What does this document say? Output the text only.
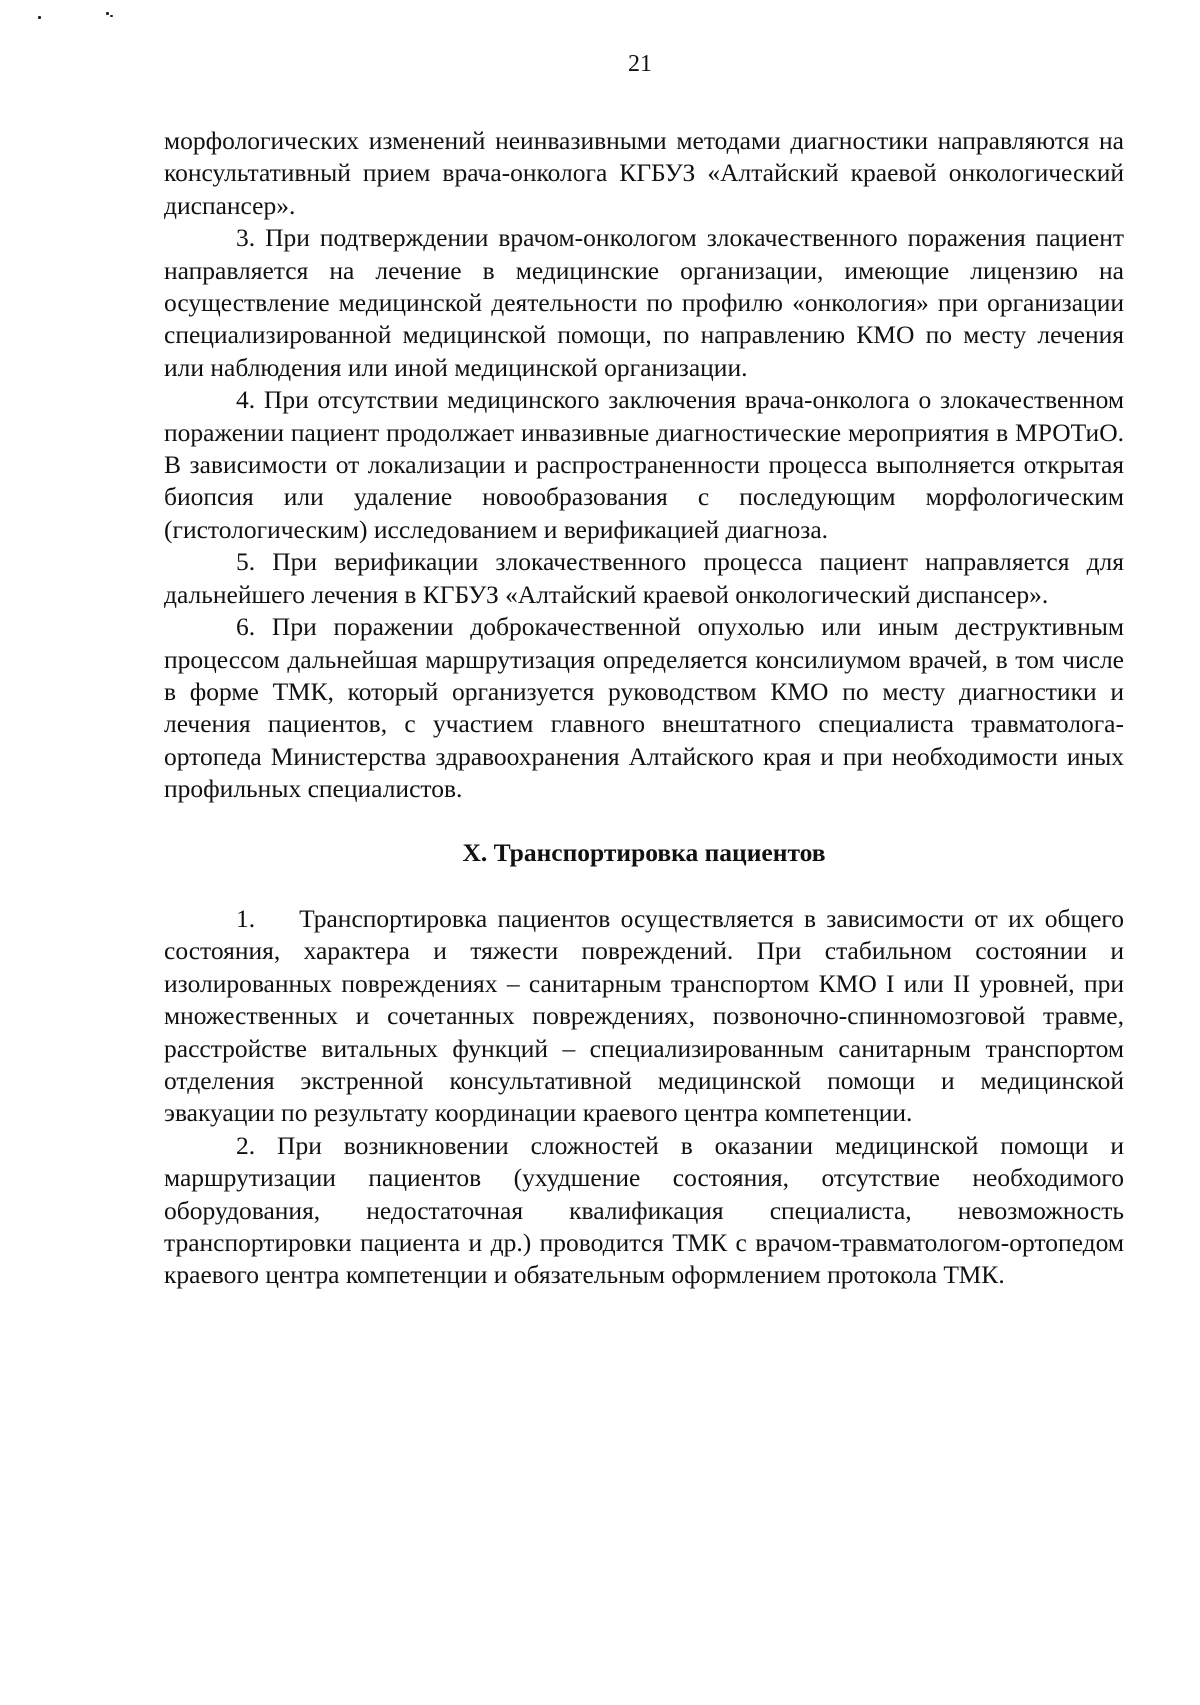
21

морфологических изменений неинвазивными методами диагностики направляются на консультативный прием врача-онколога КГБУЗ «Алтайский краевой онкологический диспансер».

3. При подтверждении врачом-онкологом злокачественного поражения пациент направляется на лечение в медицинские организации, имеющие лицензию на осуществление медицинской деятельности по профилю «онкология» при организации специализированной медицинской помощи, по направлению КМО по месту лечения или наблюдения или иной медицинской организации.

4. При отсутствии медицинского заключения врача-онколога о злокачественном поражении пациент продолжает инвазивные диагностические мероприятия в МРОТиО. В зависимости от локализации и распространенности процесса выполняется открытая биопсия или удаление новообразования с последующим морфологическим (гистологическим) исследованием и верификацией диагноза.

5. При верификации злокачественного процесса пациент направляется для дальнейшего лечения в КГБУЗ «Алтайский краевой онкологический диспансер».

6. При поражении доброкачественной опухолью или иным деструктивным процессом дальнейшая маршрутизация определяется консилиумом врачей, в том числе в форме ТМК, который организуется руководством КМО по месту диагностики и лечения пациентов, с участием главного внештатного специалиста травматолога-ортопеда Министерства здравоохранения Алтайского края и при необходимости иных профильных специалистов.

X. Транспортировка пациентов

1. Транспортировка пациентов осуществляется в зависимости от их общего состояния, характера и тяжести повреждений. При стабильном состоянии и изолированных повреждениях – санитарным транспортом КМО I или II уровней, при множественных и сочетанных повреждениях, позвоночно-спинномозговой травме, расстройстве витальных функций – специализированным санитарным транспортом отделения экстренной консультативной медицинской помощи и медицинской эвакуации по результату координации краевого центра компетенции.

2. При возникновении сложностей в оказании медицинской помощи и маршрутизации пациентов (ухудшение состояния, отсутствие необходимого оборудования, недостаточная квалификация специалиста, невозможность транспортировки пациента и др.) проводится ТМК с врачом-травматологом-ортопедом краевого центра компетенции и обязательным оформлением протокола ТМК.
